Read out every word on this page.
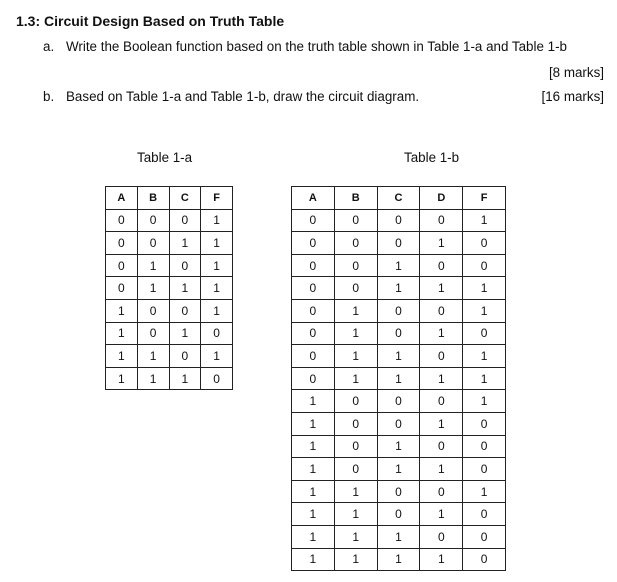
1.3: Circuit Design Based on Truth Table
a. Write the Boolean function based on the truth table shown in Table 1-a and Table 1-b
[8 marks]
b. Based on Table 1-a and Table 1-b, draw the circuit diagram.	[16 marks]
Table 1-a	Table 1-b
A	B	C	F
0	0	0	1
0	0	1	1
0	1	0	1
0	1	1	1
1	0	0	1
1	0	1	0
1	1	0	1
1	1	1	0
A	B	C	D	F
0	0	0	0	1
0	0	0	1	0
0	0	1	0	0
0	0	1	1	1
0	1	0	0	1
0	1	0	1	0
0	1	1	0	1
0	1	1	1	1
1	0	0	0	1
1	0	0	1	0
1	0	1	0	0
1	0	1	1	0
1	1	0	0	1
1	1	0	1	0
1	1	1	0	0
1	1	1	1	0
